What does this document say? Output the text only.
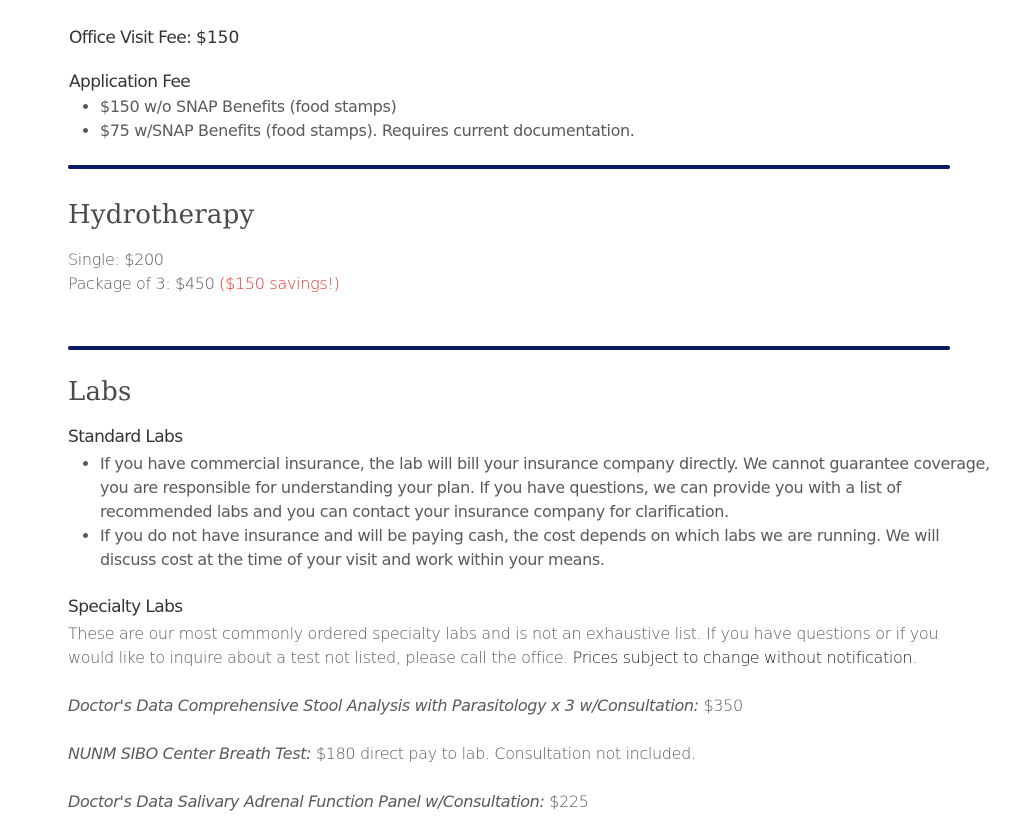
Office Visit Fee: $150
Application Fee
• $150 w/o SNAP Benefits (food stamps)
• $75 w/SNAP Benefits (food stamps). Requires current documentation.
Hydrotherapy
Single: $200
Package of 3: $450 ($150 savings!)
Labs
Standard Labs
• If you have commercial insurance, the lab will bill your insurance company directly. We cannot guarantee coverage, you are responsible for understanding your plan. If you have questions, we can provide you with a list of recommended labs and you can contact your insurance company for clarification.
• If you do not have insurance and will be paying cash, the cost depends on which labs we are running. We will discuss cost at the time of your visit and work within your means.
Specialty Labs
These are our most commonly ordered specialty labs and is not an exhaustive list. If you have questions or if you would like to inquire about a test not listed, please call the office. Prices subject to change without notification.
Doctor's Data Comprehensive Stool Analysis with Parasitology x 3 w/Consultation: $350
NUNM SIBO Center Breath Test: $180 direct pay to lab. Consultation not included.
Doctor's Data Salivary Adrenal Function Panel w/Consultation: $225
